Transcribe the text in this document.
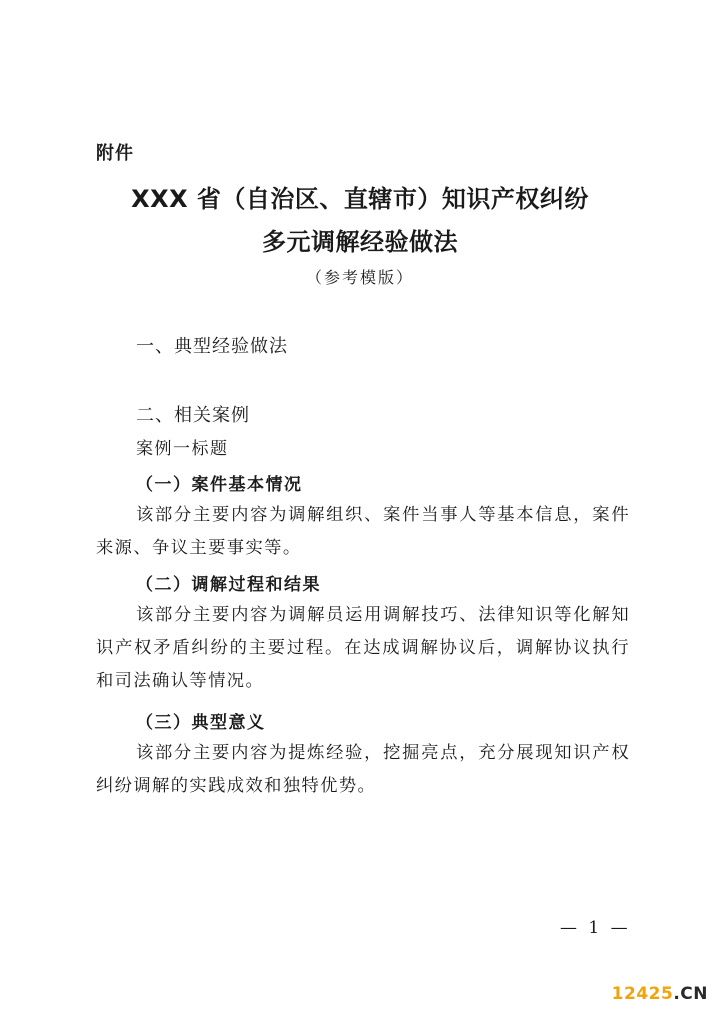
附件
XXX 省（自治区、直辖市）知识产权纠纷
多元调解经验做法
（参考模版）
一、典型经验做法
二、相关案例
案例一标题
（一）案件基本情况

该部分主要内容为调解组织、案件当事人等基本信息，案件来源、争议主要事实等。

（二）调解过程和结果

该部分主要内容为调解员运用调解技巧、法律知识等化解知识产权矛盾纠纷的主要过程。在达成调解协议后，调解协议执行和司法确认等情况。

（三）典型意义

该部分主要内容为提炼经验，挖掘亮点，充分展现知识产权纠纷调解的实践成效和独特优势。

— 1 —
12425.CN
